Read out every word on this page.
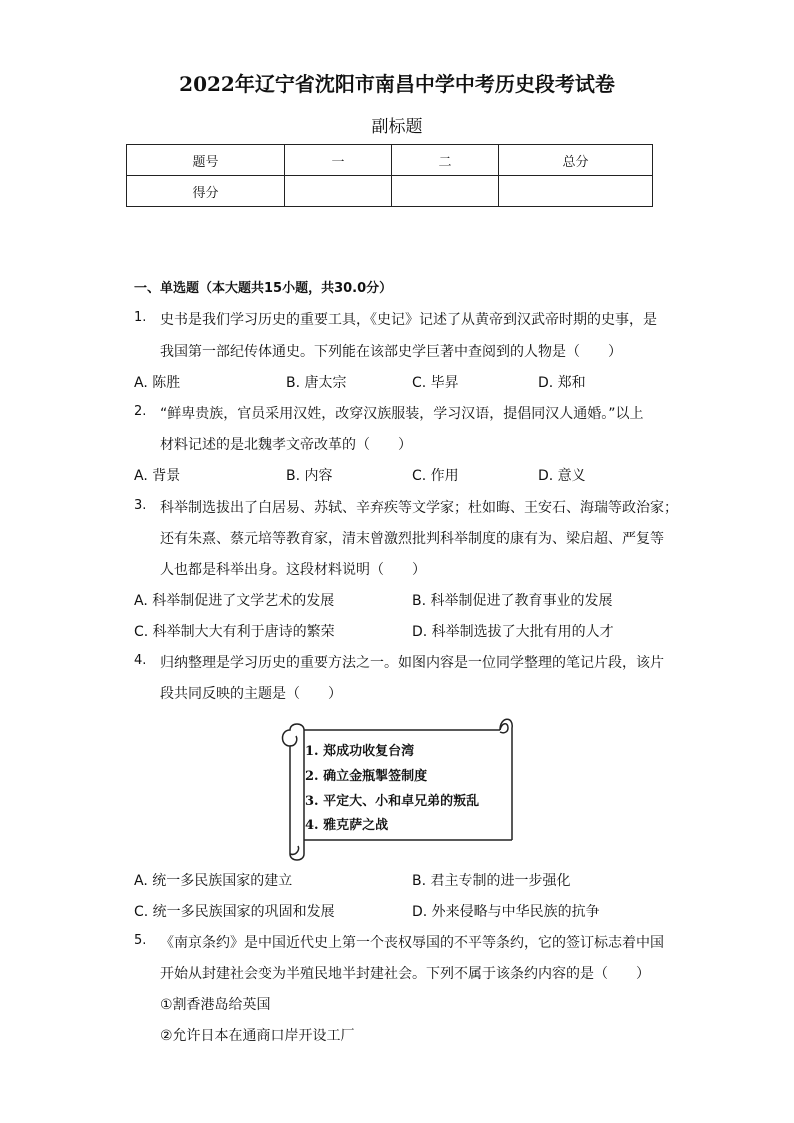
2022年辽宁省沈阳市南昌中学中考历史段考试卷
副标题
题号	一	二	总分
得分			
一、单选题（本大题共15小题，共30.0分）
1. 史书是我们学习历史的重要工具，《史记》记述了从黄帝到汉武帝时期的史事，是
我国第一部纪传体通史。下列能在该部史学巨著中查阅到的人物是（　　）
A. 陈胜	B. 唐太宗	C. 毕昇	D. 郑和
2. “鲜卑贵族，官员采用汉姓，改穿汉族服装，学习汉语，提倡同汉人通婚。”以上
材料记述的是北魏孝文帝改革的（　　）
A. 背景	B. 内容	C. 作用	D. 意义
3. 科举制选拔出了白居易、苏轼、辛弃疾等文学家；杜如晦、王安石、海瑞等政治家；
还有朱熹、蔡元培等教育家，清末曾激烈批判科举制度的康有为、梁启超、严复等
人也都是科举出身。这段材料说明（　　）
A. 科举制促进了文学艺术的发展	B. 科举制促进了教育事业的发展
C. 科举制大大有利于唐诗的繁荣	D. 科举制选拔了大批有用的人才
4. 归纳整理是学习历史的重要方法之一。如图内容是一位同学整理的笔记片段，该片
段共同反映的主题是（　　）
1. 郑成功收复台湾
2. 确立金瓶掣签制度
3. 平定大、小和卓兄弟的叛乱
4. 雅克萨之战
A. 统一多民族国家的建立	B. 君主专制的进一步强化
C. 统一多民族国家的巩固和发展	D. 外来侵略与中华民族的抗争
5. 《南京条约》是中国近代史上第一个丧权辱国的不平等条约，它的签订标志着中国
开始从封建社会变为半殖民地半封建社会。下列不属于该条约内容的是（　　）
①割香港岛给英国
②允许日本在通商口岸开设工厂
